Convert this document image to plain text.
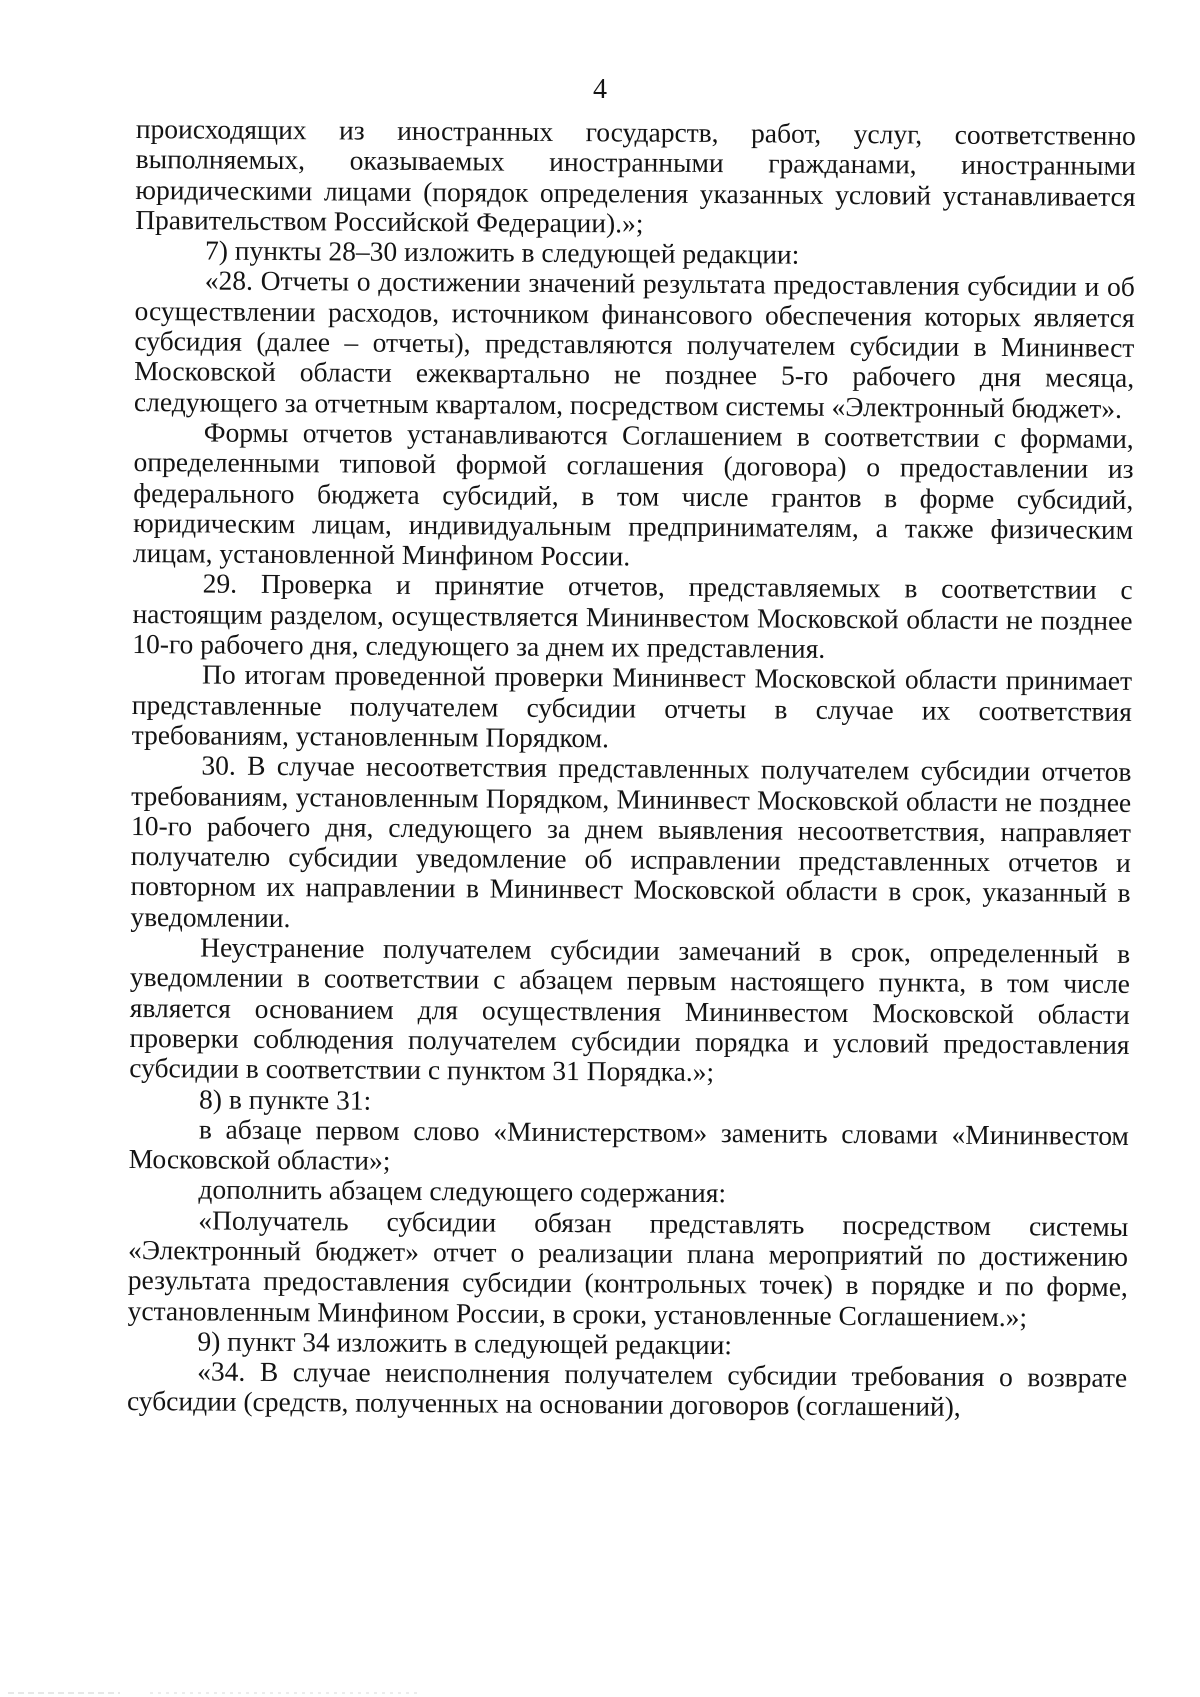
4

происходящих из иностранных государств, работ, услуг, соответственно выполняемых, оказываемых иностранными гражданами, иностранными юридическими лицами (порядок определения указанных условий устанавливается Правительством Российской Федерации).»;

7) пункты 28–30 изложить в следующей редакции:

«28. Отчеты о достижении значений результата предоставления субсидии и об осуществлении расходов, источником финансового обеспечения которых является субсидия (далее – отчеты), представляются получателем субсидии в Мининвест Московской области ежеквартально не позднее 5-го рабочего дня месяца, следующего за отчетным кварталом, посредством системы «Электронный бюджет».

Формы отчетов устанавливаются Соглашением в соответствии с формами, определенными типовой формой соглашения (договора) о предоставлении из федерального бюджета субсидий, в том числе грантов в форме субсидий, юридическим лицам, индивидуальным предпринимателям, а также физическим лицам, установленной Минфином России.

29. Проверка и принятие отчетов, представляемых в соответствии с настоящим разделом, осуществляется Мининвестом Московской области не позднее 10-го рабочего дня, следующего за днем их представления.

По итогам проведенной проверки Мининвест Московской области принимает представленные получателем субсидии отчеты в случае их соответствия требованиям, установленным Порядком.

30. В случае несоответствия представленных получателем субсидии отчетов требованиям, установленным Порядком, Мининвест Московской области не позднее 10-го рабочего дня, следующего за днем выявления несоответствия, направляет получателю субсидии уведомление об исправлении представленных отчетов и повторном их направлении в Мининвест Московской области в срок, указанный в уведомлении.

Неустранение получателем субсидии замечаний в срок, определенный в уведомлении в соответствии с абзацем первым настоящего пункта, в том числе является основанием для осуществления Мининвестом Московской области проверки соблюдения получателем субсидии порядка и условий предоставления субсидии в соответствии с пунктом 31 Порядка.»;

8) в пункте 31:

в абзаце первом слово «Министерством» заменить словами «Мининвестом Московской области»;

дополнить абзацем следующего содержания:

«Получатель субсидии обязан представлять посредством системы «Электронный бюджет» отчет о реализации плана мероприятий по достижению результата предоставления субсидии (контрольных точек) в порядке и по форме, установленным Минфином России, в сроки, установленные Соглашением.»;

9) пункт 34 изложить в следующей редакции:

«34. В случае неисполнения получателем субсидии требования о возврате субсидии (средств, полученных на основании договоров (соглашений),
